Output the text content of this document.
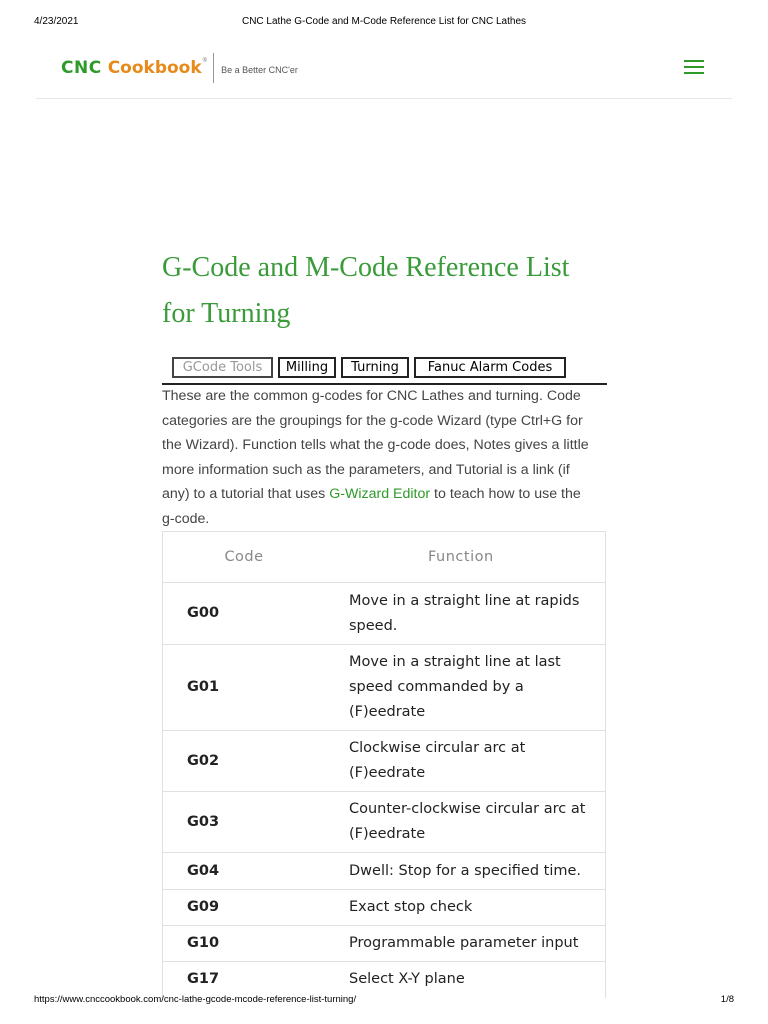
4/23/2021	CNC Lathe G-Code and M-Code Reference List for CNC Lathes
CNC Cookbook ®
Be a Better CNC'er
G-Code and M-Code Reference List for Turning
GCode Tools	Milling	Turning	Fanuc Alarm Codes

These are the common g-codes for CNC Lathes and turning. Code categories are the groupings for the g-code Wizard (type Ctrl+G for the Wizard). Function tells what the g-code does, Notes gives a little more information such as the parameters, and Tutorial is a link (if any) to a tutorial that uses G-Wizard Editor to teach how to use the g-code.

Code	Function
G00	Move in a straight line at rapids speed.
G01	Move in a straight line at last speed commanded by a (F)eedrate
G02	Clockwise circular arc at (F)eedrate
G03	Counter-clockwise circular arc at (F)eedrate
G04	Dwell: Stop for a specified time.
G09	Exact stop check
G10	Programmable parameter input
G17	Select X-Y plane
https://www.cnccookbook.com/cnc-lathe-gcode-mcode-reference-list-turning/	1/8
